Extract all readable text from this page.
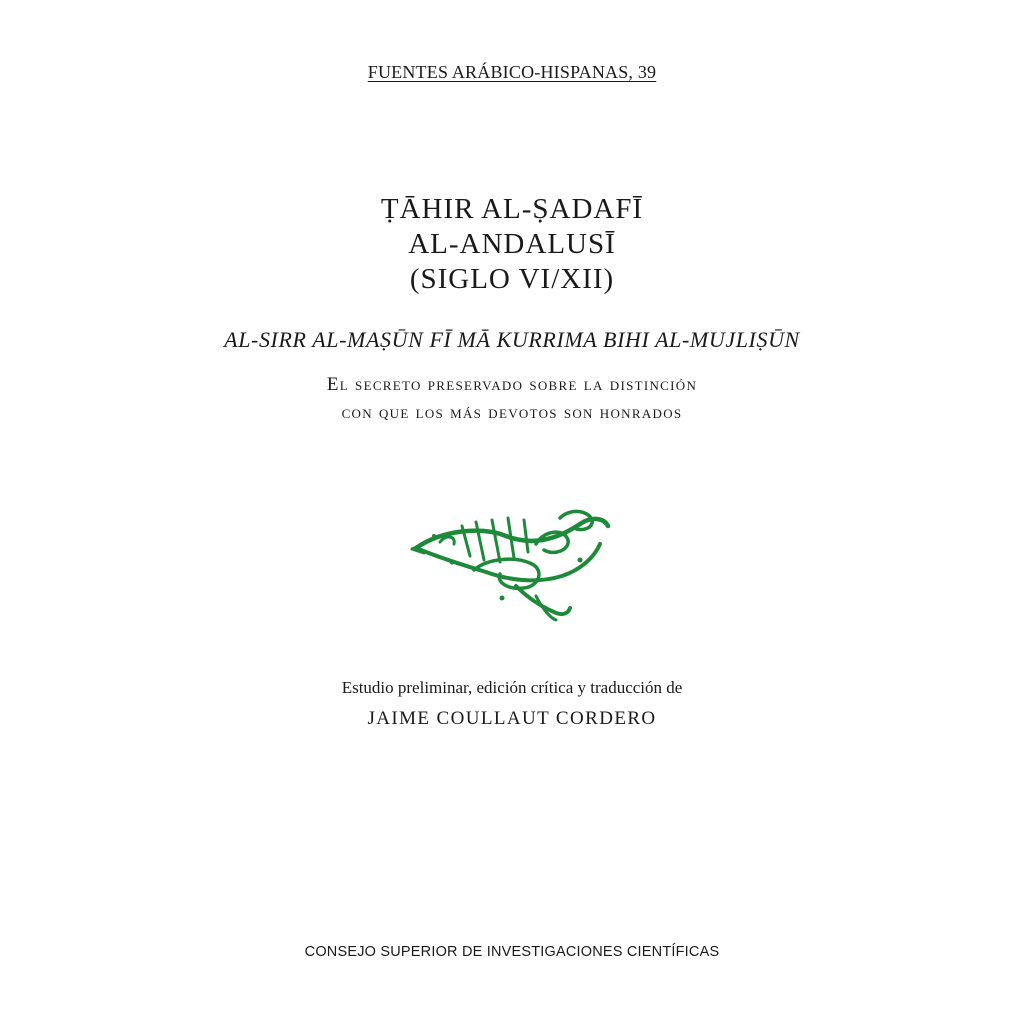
FUENTES ARÁBICO-HISPANAS, 39
ṬĀHIR AL-ṢADAFĪ
AL-ANDALUSĪ
(SIGLO VI/XII)
AL-SIRR AL-MAṢŪN FĪ MĀ KURRIMA BIHI AL-MUJLIṢŪN
El secreto preservado sobre la distinción
con que los más devotos son honrados
Estudio preliminar, edición crítica y traducción de
JAIME COULLAUT CORDERO
CONSEJO SUPERIOR DE INVESTIGACIONES CIENTÍFICAS
